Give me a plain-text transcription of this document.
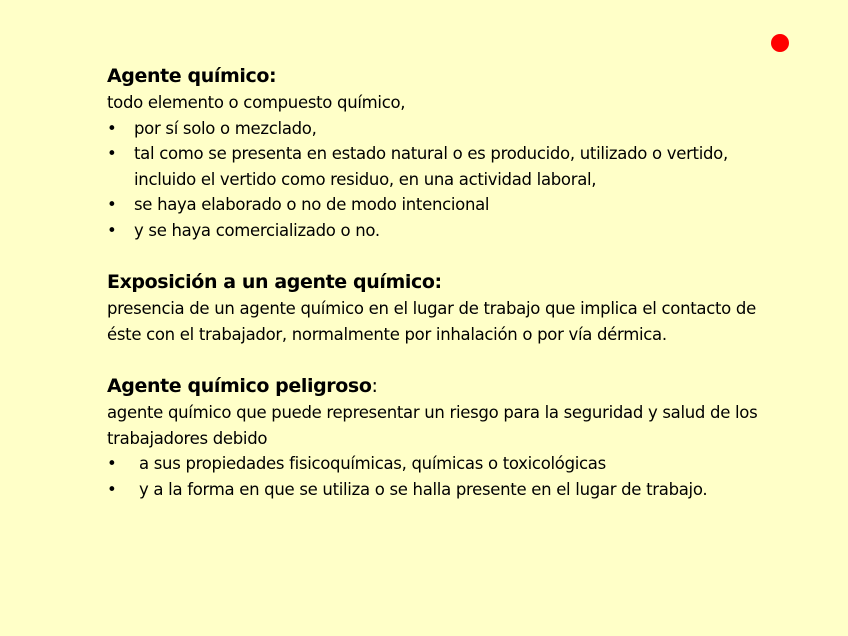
Agente químico:

todo elemento o compuesto químico,

• por sí solo o mezclado,
• tal como se presenta en estado natural o es producido, utilizado o vertido, incluido el vertido como residuo, en una actividad laboral,
• se haya elaborado o no de modo intencional
• y se haya comercializado o no.

Exposición a un agente químico:

presencia de un agente químico en el lugar de trabajo que implica el contacto de éste con el trabajador, normalmente por inhalación o por vía dérmica.

Agente químico peligroso:

agente químico que puede representar un riesgo para la seguridad y salud de los trabajadores debido

• a sus propiedades fisicoquímicas, químicas o toxicológicas
• y a la forma en que se utiliza o se halla presente en el lugar de trabajo.
